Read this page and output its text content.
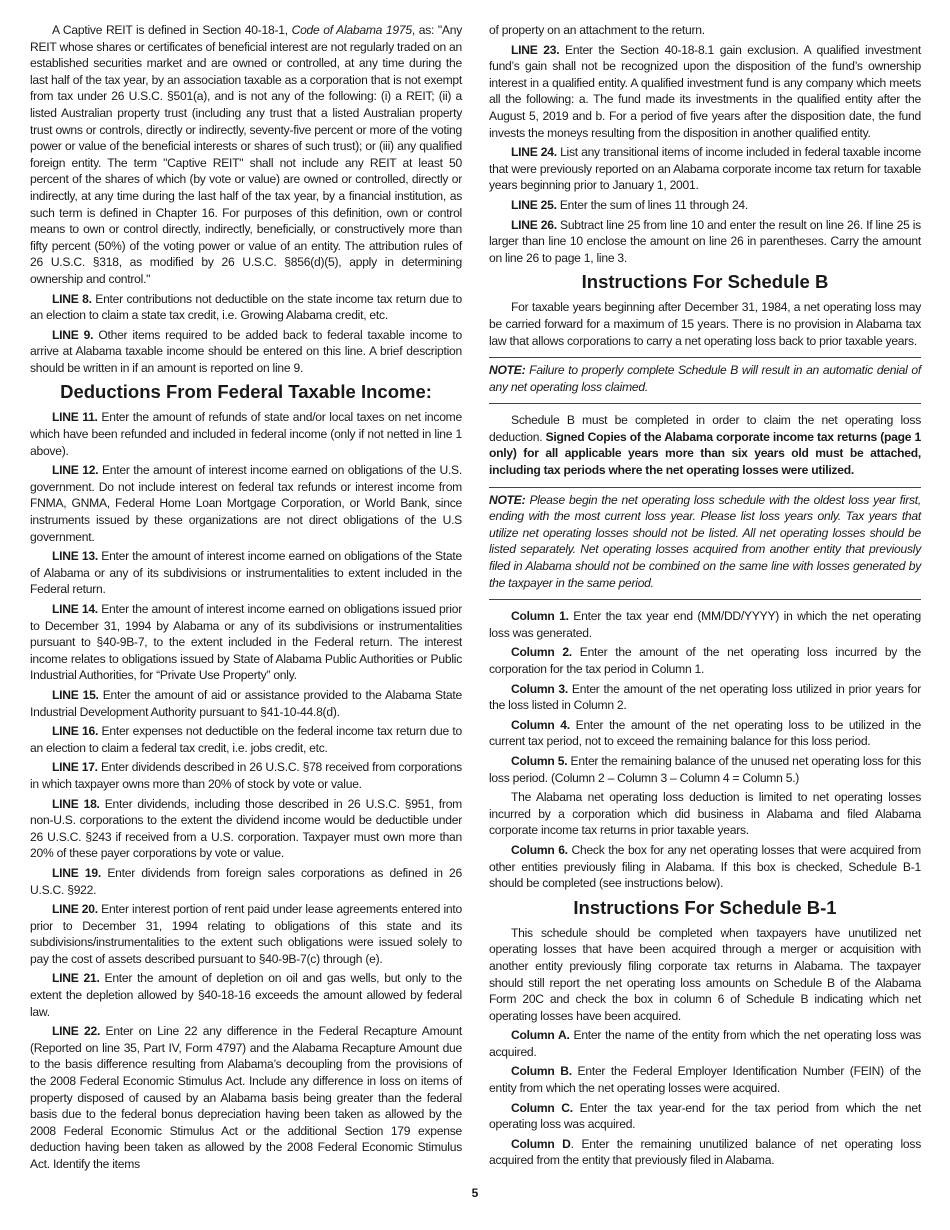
A Captive REIT is defined in Section 40-18-1, Code of Alabama 1975, as: "Any REIT whose shares or certificates of beneficial interest are not regularly traded on an established securities market and are owned or controlled, at any time during the last half of the tax year, by an association taxable as a corporation that is not exempt from tax under 26 U.S.C. §501(a), and is not any of the following: (i) a REIT; (ii) a listed Australian property trust (including any trust that a listed Australian property trust owns or controls, directly or indirectly, seventy-five percent or more of the voting power or value of the beneficial interests or shares of such trust); or (iii) any qualified foreign entity. The term "Captive REIT" shall not include any REIT at least 50 percent of the shares of which (by vote or value) are owned or controlled, directly or indirectly, at any time during the last half of the tax year, by a financial institution, as such term is defined in Chapter 16. For purposes of this definition, own or control means to own or control directly, indirectly, beneficially, or constructively more than fifty percent (50%) of the voting power or value of an entity. The attribution rules of 26 U.S.C. §318, as modified by 26 U.S.C. §856(d)(5), apply in determining ownership and control."

LINE 8. Enter contributions not deductible on the state income tax return due to an election to claim a state tax credit, i.e. Growing Alabama credit, etc.

LINE 9. Other items required to be added back to federal taxable income to arrive at Alabama taxable income should be entered on this line. A brief description should be written in if an amount is reported on line 9.

Deductions From Federal Taxable Income:

LINE 11. Enter the amount of refunds of state and/or local taxes on net income which have been refunded and included in federal income (only if not netted in line 1 above).

LINE 12. Enter the amount of interest income earned on obligations of the U.S. government. Do not include interest on federal tax refunds or interest income from FNMA, GNMA, Federal Home Loan Mortgage Corporation, or World Bank, since instruments issued by these organizations are not direct obligations of the U.S government.

LINE 13. Enter the amount of interest income earned on obligations of the State of Alabama or any of its subdivisions or instrumentalities to extent included in the Federal return.

LINE 14. Enter the amount of interest income earned on obligations issued prior to December 31, 1994 by Alabama or any of its subdivisions or instrumentalities pursuant to §40-9B-7, to the extent included in the Federal return. The interest income relates to obligations issued by State of Alabama Public Authorities or Public Industrial Authorities, for “Private Use Property” only.

LINE 15. Enter the amount of aid or assistance provided to the Alabama State Industrial Development Authority pursuant to §41-10-44.8(d).

LINE 16. Enter expenses not deductible on the federal income tax return due to an election to claim a federal tax credit, i.e. jobs credit, etc.

LINE 17. Enter dividends described in 26 U.S.C. §78 received from corporations in which taxpayer owns more than 20% of stock by vote or value.

LINE 18. Enter dividends, including those described in 26 U.S.C. §951, from non-U.S. corporations to the extent the dividend income would be deductible under 26 U.S.C. §243 if received from a U.S. corporation. Taxpayer must own more than 20% of these payer corporations by vote or value.

LINE 19. Enter dividends from foreign sales corporations as defined in 26 U.S.C. §922.

LINE 20. Enter interest portion of rent paid under lease agreements entered into prior to December 31, 1994 relating to obligations of this state and its subdivisions/instrumentalities to the extent such obligations were issued solely to pay the cost of assets described pursuant to §40-9B-7(c) through (e).

LINE 21. Enter the amount of depletion on oil and gas wells, but only to the extent the depletion allowed by §40-18-16 exceeds the amount allowed by federal law.

LINE 22. Enter on Line 22 any difference in the Federal Recapture Amount (Reported on line 35, Part IV, Form 4797) and the Alabama Recapture Amount due to the basis difference resulting from Alabama’s decoupling from the provisions of the 2008 Federal Economic Stimulus Act. Include any difference in loss on items of property disposed of caused by an Alabama basis being greater than the federal basis due to the federal bonus depreciation having been taken as allowed by the 2008 Federal Economic Stimulus Act or the additional Section 179 expense deduction having been taken as allowed by the 2008 Federal Economic Stimulus Act. Identify the items

of property on an attachment to the return.

LINE 23. Enter the Section 40-18-8.1 gain exclusion. A qualified investment fund’s gain shall not be recognized upon the disposition of the fund’s ownership interest in a qualified entity. A qualified investment fund is any company which meets all the following: a. The fund made its investments in the qualified entity after the August 5, 2019 and b. For a period of five years after the disposition date, the fund invests the moneys resulting from the disposition in another qualified entity.

LINE 24. List any transitional items of income included in federal taxable income that were previously reported on an Alabama corporate income tax return for taxable years beginning prior to January 1, 2001.

LINE 25. Enter the sum of lines 11 through 24.

LINE 26. Subtract line 25 from line 10 and enter the result on line 26. If line 25 is larger than line 10 enclose the amount on line 26 in parentheses. Carry the amount on line 26 to page 1, line 3.

Instructions For Schedule B

For taxable years beginning after December 31, 1984, a net operating loss may be carried forward for a maximum of 15 years. There is no provision in Alabama tax law that allows corporations to carry a net operating loss back to prior taxable years.

NOTE: Failure to properly complete Schedule B will result in an automatic denial of any net operating loss claimed.

Schedule B must be completed in order to claim the net operating loss deduction. Signed Copies of the Alabama corporate income tax returns (page 1 only) for all applicable years more than six years old must be attached, including tax periods where the net operating losses were utilized.

NOTE: Please begin the net operating loss schedule with the oldest loss year first, ending with the most current loss year. Please list loss years only. Tax years that utilize net operating losses should not be listed. All net operating losses should be listed separately. Net operating losses acquired from another entity that previously filed in Alabama should not be combined on the same line with losses generated by the taxpayer in the same period.

Column 1. Enter the tax year end (MM/DD/YYYY) in which the net operating loss was generated.

Column 2. Enter the amount of the net operating loss incurred by the corporation for the tax period in Column 1.

Column 3. Enter the amount of the net operating loss utilized in prior years for the loss listed in Column 2.

Column 4. Enter the amount of the net operating loss to be utilized in the current tax period, not to exceed the remaining balance for this loss period.

Column 5. Enter the remaining balance of the unused net operating loss for this loss period. (Column 2 – Column 3 – Column 4 = Column 5.)

The Alabama net operating loss deduction is limited to net operating losses incurred by a corporation which did business in Alabama and filed Alabama corporate income tax returns in prior taxable years.

Column 6. Check the box for any net operating losses that were acquired from other entities previously filing in Alabama. If this box is checked, Schedule B-1 should be completed (see instructions below).

Instructions For Schedule B-1

This schedule should be completed when taxpayers have unutilized net operating losses that have been acquired through a merger or acquisition with another entity previously filing corporate tax returns in Alabama. The taxpayer should still report the net operating loss amounts on Schedule B of the Alabama Form 20C and check the box in column 6 of Schedule B indicating which net operating losses have been acquired.

Column A. Enter the name of the entity from which the net operating loss was acquired.

Column B. Enter the Federal Employer Identification Number (FEIN) of the entity from which the net operating losses were acquired.

Column C. Enter the tax year-end for the tax period from which the net operating loss was acquired.

Column D. Enter the remaining unutilized balance of net operating loss acquired from the entity that previously filed in Alabama.

5
